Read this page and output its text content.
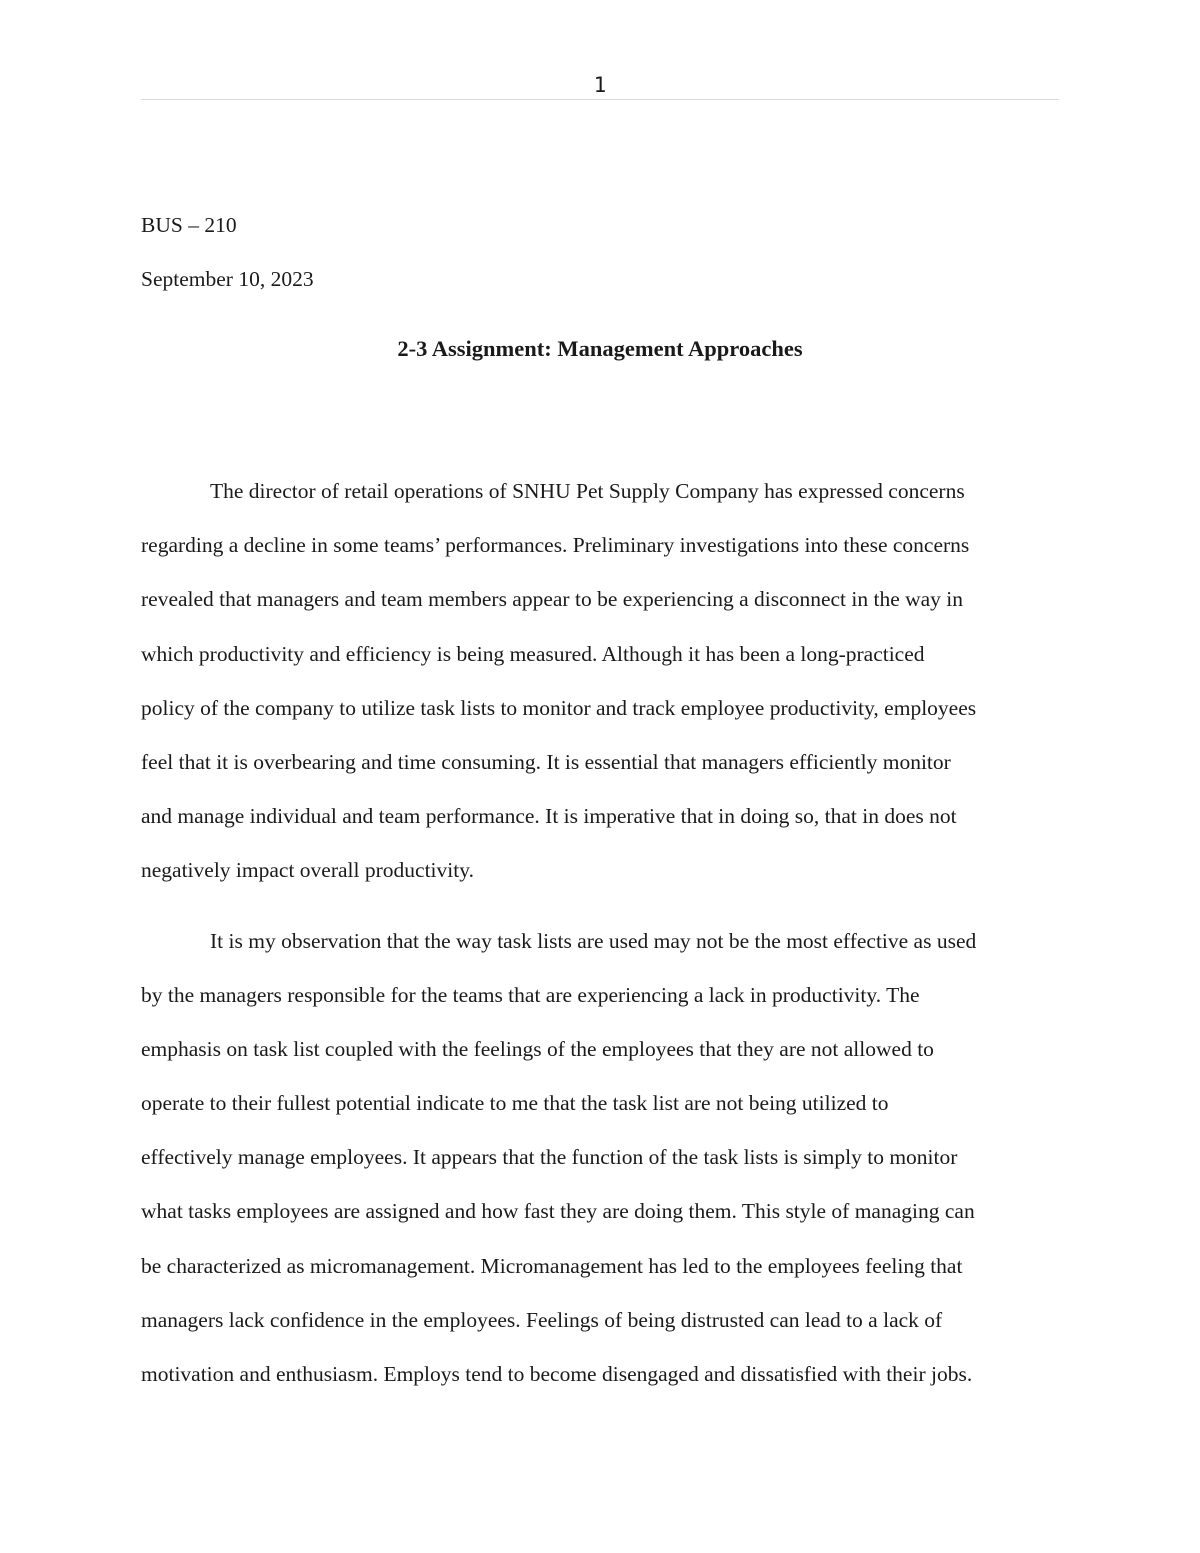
1

BUS – 210

September 10, 2023

2-3 Assignment: Management Approaches

The director of retail operations of SNHU Pet Supply Company has expressed concerns
regarding a decline in some teams’ performances. Preliminary investigations into these concerns
revealed that managers and team members appear to be experiencing a disconnect in the way in
which productivity and efficiency is being measured. Although it has been a long-practiced
policy of the company to utilize task lists to monitor and track employee productivity, employees
feel that it is overbearing and time consuming. It is essential that managers efficiently monitor
and manage individual and team performance. It is imperative that in doing so, that in does not
negatively impact overall productivity.

It is my observation that the way task lists are used may not be the most effective as used
by the managers responsible for the teams that are experiencing a lack in productivity. The
emphasis on task list coupled with the feelings of the employees that they are not allowed to
operate to their fullest potential indicate to me that the task list are not being utilized to
effectively manage employees. It appears that the function of the task lists is simply to monitor
what tasks employees are assigned and how fast they are doing them. This style of managing can
be characterized as micromanagement. Micromanagement has led to the employees feeling that
managers lack confidence in the employees. Feelings of being distrusted can lead to a lack of
motivation and enthusiasm. Employs tend to become disengaged and dissatisfied with their jobs.
